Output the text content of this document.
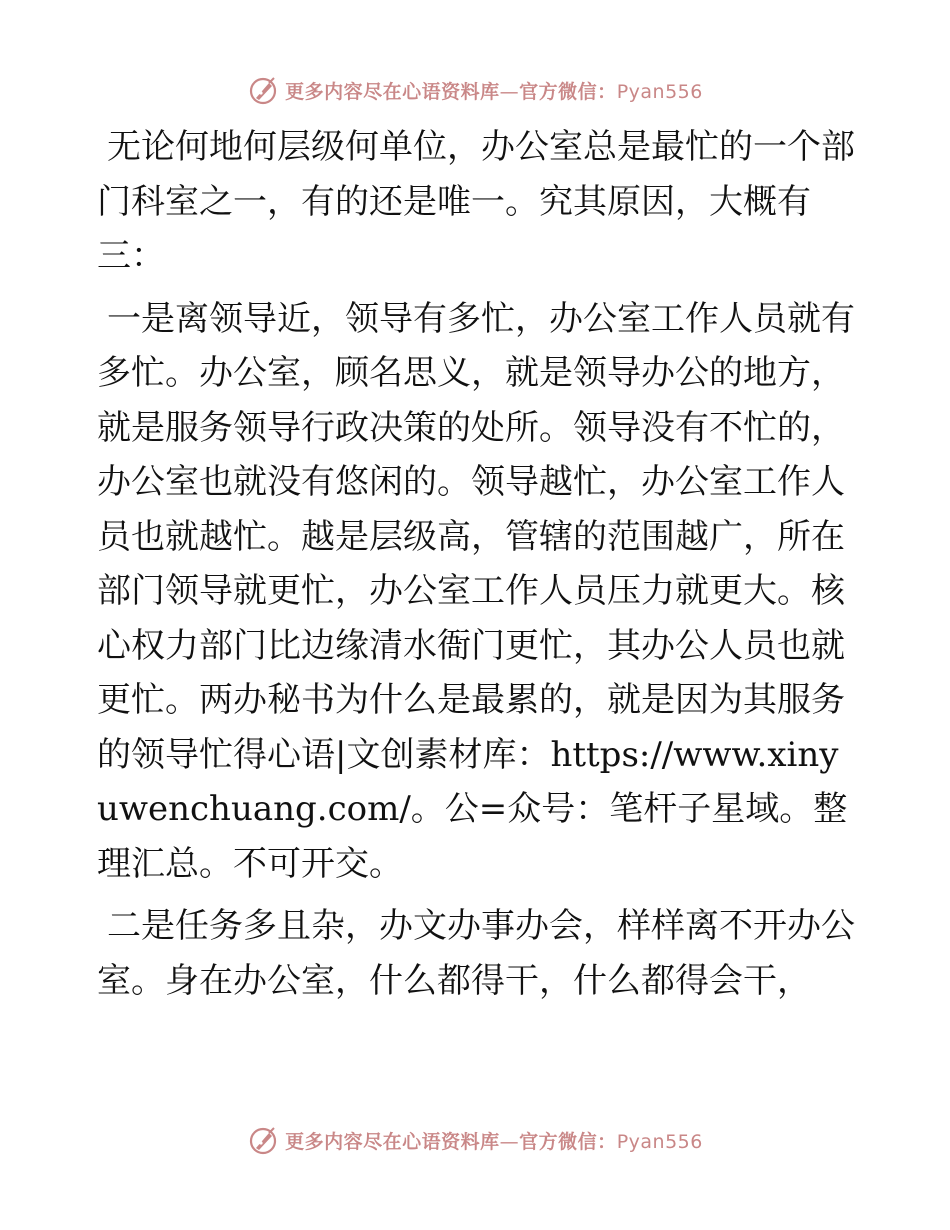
更多内容尽在心语资料库—官方微信：Pyan556

无论何地何层级何单位，办公室总是最忙的一个部门科室之一，有的还是唯一。究其原因，大概有三：

一是离领导近，领导有多忙，办公室工作人员就有多忙。办公室，顾名思义，就是领导办公的地方，就是服务领导行政决策的处所。领导没有不忙的，办公室也就没有悠闲的。领导越忙，办公室工作人员也就越忙。越是层级高，管辖的范围越广，所在部门领导就更忙，办公室工作人员压力就更大。核心权力部门比边缘清水衙门更忙，其办公人员也就更忙。两办秘书为什么是最累的，就是因为其服务的领导忙得心语|文创素材库：https://www.xinyuwenchuang.com/。公=众号：笔杆子星域。整理汇总。不可开交。

二是任务多且杂，办文办事办会，样样离不开办公室。身在办公室，什么都得干，什么都得会干，

更多内容尽在心语资料库—官方微信：Pyan556
